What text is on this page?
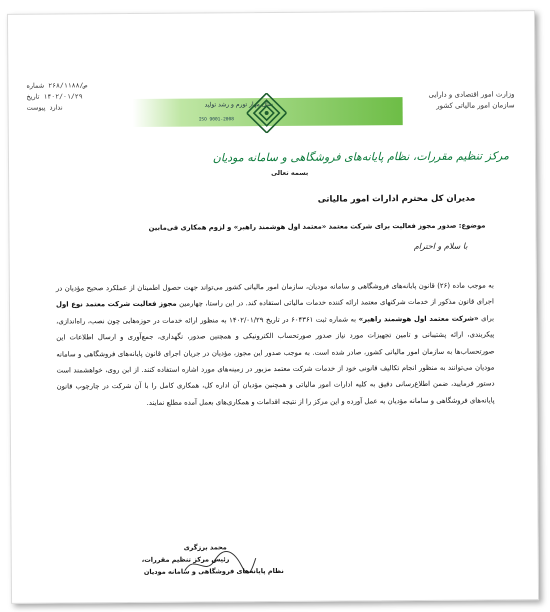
شماره ۲۶۸/۱۱۸۸/ص
تاریخ ۱۴۰۲/۰۱/۲۹
پیوست ندارد	سال مهار تورم و رشد تولید
ISO 9001-2008
وزارت امور اقتصادی و دارایی
سازمان امور مالیاتی کشور
مرکز تنظیم مقررات، نظام پایانه‌های فروشگاهی و سامانه مودیان
بسمه تعالی
مدیران کل محترم ادارات امور مالیاتی
موضوع: صدور مجوز فعالیت برای شرکت معتمد «معتمد اول هوشمند راهبر» و لزوم همکاری فی‌مابین
با سلام و احترام
به موجب ماده (۲۶) قانون پایانه‌های فروشگاهی و سامانه مودیان، سازمان امور مالیاتی کشور می‌تواند جهت حصول اطمینان از عملکرد صحیح مؤدیان در اجرای قانون مذکور از خدمات شرکتهای معتمد ارائه کننده خدمات مالیاتی استفاده کند. در این راستا، چهارمین مجوز فعالیت شرکت معتمد نوع اول برای «شرکت معتمد اول هوشمند راهبر» به شماره ثبت ۶۰۴۳۶۱ در تاریخ ۱۴۰۲/۰۱/۲۹ به منظور ارائه خدمات در حوزه‌هایی چون نصب، راه‌اندازی، پیکربندی، ارائه پشتیبانی و تامین تجهیزات مورد نیاز صدور صورتحساب الکترونیکی و همچنین صدور، نگهداری، جمع‌آوری و ارسال اطلاعات این صورتحساب‌ها به سازمان امور مالیاتی کشور، صادر شده است. به موجب صدور این مجوز، مؤدیان در جریان اجرای قانون پایانه‌های فروشگاهی و سامانه مودیان می‌توانند به منظور انجام تکالیف قانونی خود از خدمات شرکت معتمد مزبور در زمینه‌های مورد اشاره استفاده کنند. از این روی، خواهشمند است دستور فرمایید، ضمن اطلاع‌رسانی دقیق به کلیه ادارات امور مالیاتی و همچنین مؤدیان آن اداره کل، همکاری کامل را با آن شرکت در چارچوب قانون پایانه‌های فروشگاهی و سامانه مؤدیان به عمل آورده و این مرکز را از نتیجه اقدامات و همکاری‌های بعمل آمده مطلع نمایند.
محمد برزگری
رئیس مرکز تنظیم مقررات،
نظام پایانه‌های فروشگاهی و سامانه مودیان
